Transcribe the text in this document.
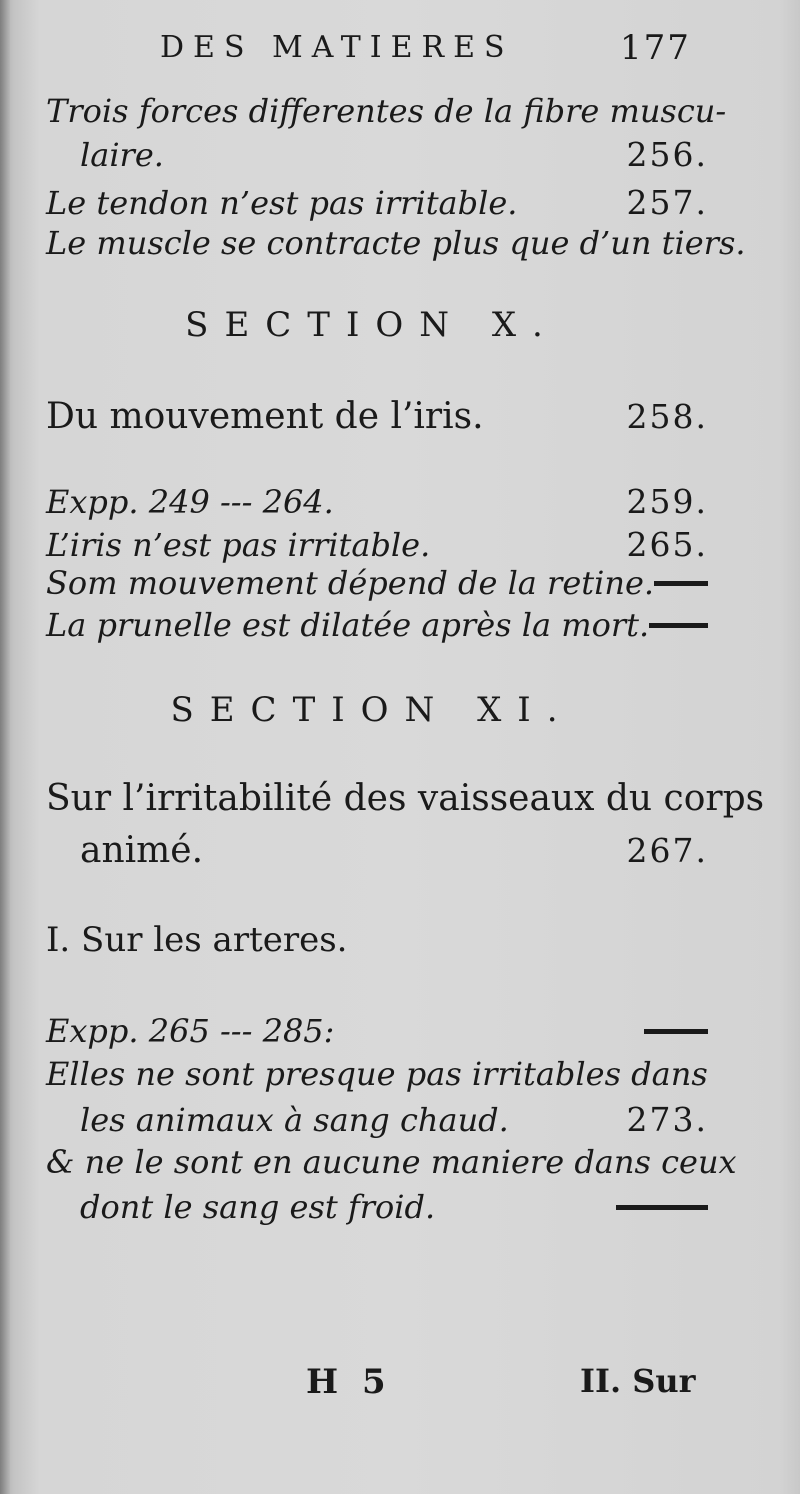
DES MATIERES	177
Trois forces differentes de la fibre muscu-
laire.	256.
Le tendon n’est pas irritable.	257.
Le muscle se contracte plus que d’un tiers.
SECTION X.
Du mouvement de l’iris.	258.
Expp. 249 --- 264.	259.
L’iris n’est pas irritable.	265.
Som mouvement dépend de la retine.
La prunelle est dilatée après la mort.
SECTION XI.
Sur l’irritabilité des vaisseaux du corps
animé.	267.
I. Sur les arteres.
Expp. 265 --- 285:
Elles ne sont presque pas irritables dans
les animaux à sang chaud.	273.
& ne le sont en aucune maniere dans ceux
dont le sang est froid.
H 5	II. Sur
